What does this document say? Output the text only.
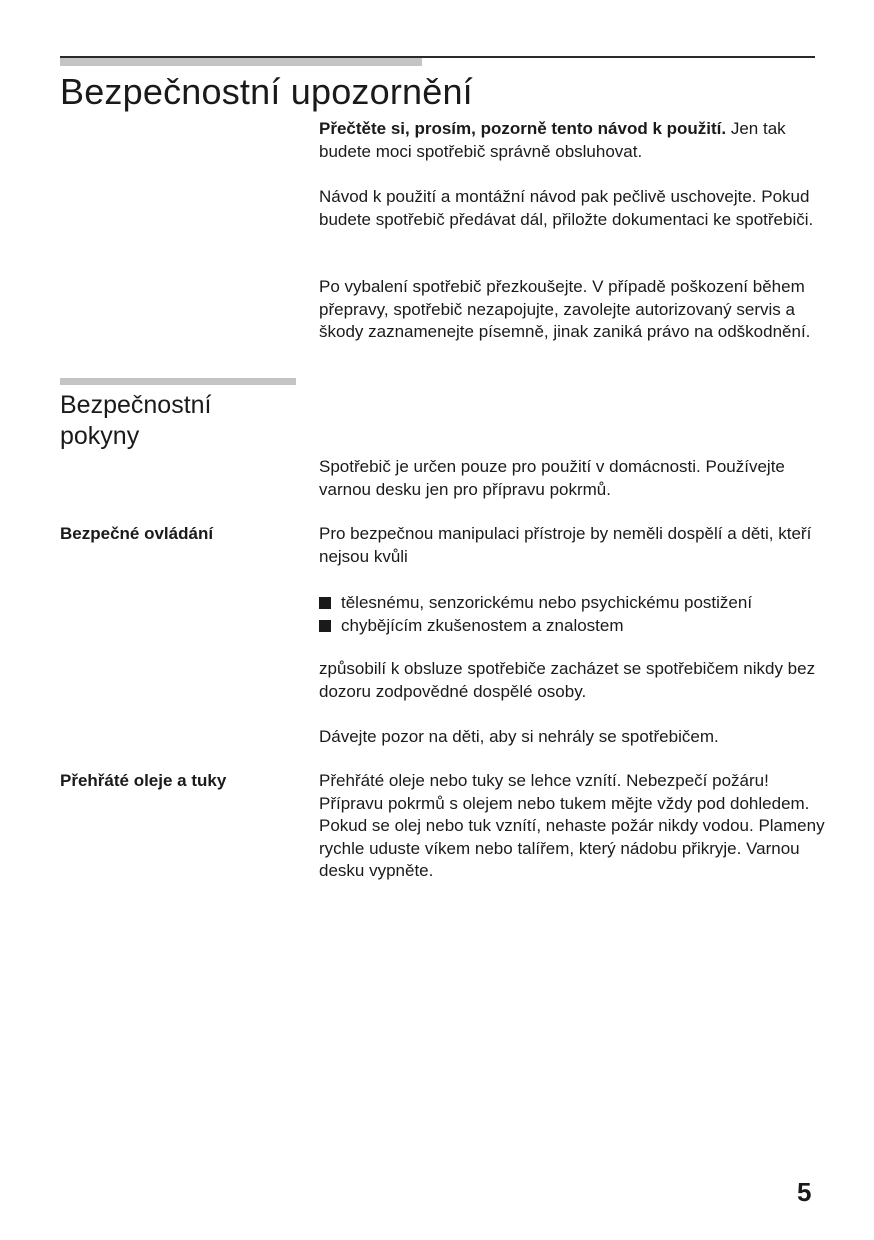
Bezpečnostní upozornění

Přečtěte si, prosím, pozorně tento návod k použití. Jen tak budete moci spotřebič správně obsluhovat.

Návod k použití a montážní návod pak pečlivě uschovejte. Pokud budete spotřebič předávat dál, přiložte dokumentaci ke spotřebiči.

Po vybalení spotřebič přezkoušejte. V případě poškození během přepravy, spotřebič nezapojujte, zavolejte autorizovaný servis a škody zaznamenejte písemně, jinak zaniká právo na odškodnění.

Bezpečnostní pokyny

Spotřebič je určen pouze pro použití v domácnosti. Používejte varnou desku jen pro přípravu pokrmů.

Bezpečné ovládání	Pro bezpečnou manipulaci přístroje by neměli dospělí a děti, kteří nejsou kvůli

tělesnému, senzorickému nebo psychickému postižení
chybějícím zkušenostem a znalostem

způsobilí k obsluze spotřebiče zacházet se spotřebičem nikdy bez dozoru zodpovědné dospělé osoby.

Dávejte pozor na děti, aby si nehrály se spotřebičem.

Přehřáté oleje a tuky	Přehřáté oleje nebo tuky se lehce vznítí. Nebezpečí požáru! Přípravu pokrmů s olejem nebo tukem mějte vždy pod dohledem. Pokud se olej nebo tuk vznítí, nehaste požár nikdy vodou. Plameny rychle uduste víkem nebo talířem, který nádobu přikryje. Varnou desku vypněte.

5
